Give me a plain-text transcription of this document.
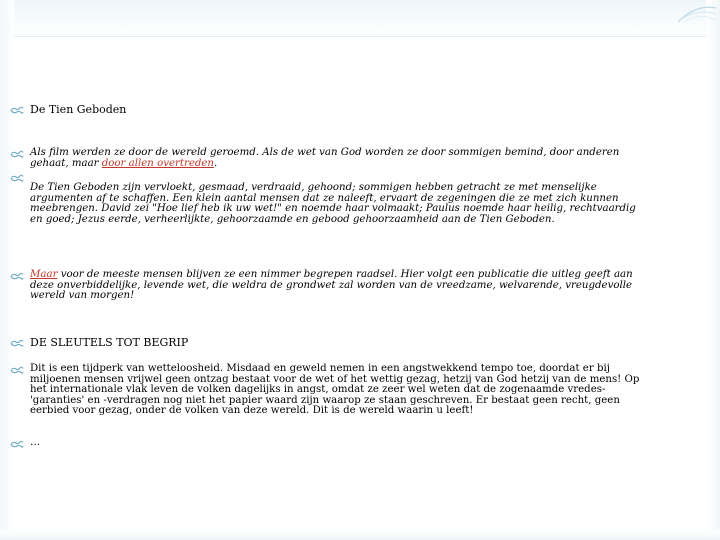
De Tien Geboden
Als film werden ze door de wereld geroemd. Als de wet van God worden ze door sommigen bemind, door anderen gehaat, maar door allen overtreden.
De Tien Geboden zijn vervloekt, gesmaad, verdraaid, gehoond; sommigen hebben getracht ze met menselijke argumenten af te schaffen. Een klein aantal mensen dat ze naleeft, ervaart de zegeningen die ze met zich kunnen meebrengen. David zei "Hoe lief heb ik uw wet!" en noemde haar volmaakt; Paulus noemde haar heilig, rechtvaardig en goed; Jezus eerde, verheerlijkte, gehoorzaamde en gebood gehoorzaamheid aan de Tien Geboden.
Maar voor de meeste mensen blijven ze een nimmer begrepen raadsel. Hier volgt een publicatie die uitleg geeft aan deze onverbiddelijke, levende wet, die weldra de grondwet zal worden van de vreedzame, welvarende, vreugdevolle wereld van morgen!
DE SLEUTELS TOT BEGRIP
Dit is een tijdperk van wetteloosheid. Misdaad en geweld nemen in een angstwekkend tempo toe, doordat er bij miljoenen mensen vrijwel geen ontzag bestaat voor de wet of het wettig gezag, hetzij van God hetzij van de mens! Op het internationale vlak leven de volken dagelijks in angst, omdat ze zeer wel weten dat de zogenaamde vredes-'garanties' en -verdragen nog niet het papier waard zijn waarop ze staan geschreven. Er bestaat geen recht, geen eerbied voor gezag, onder de volken van deze wereld. Dit is de wereld waarin u leeft!
…
